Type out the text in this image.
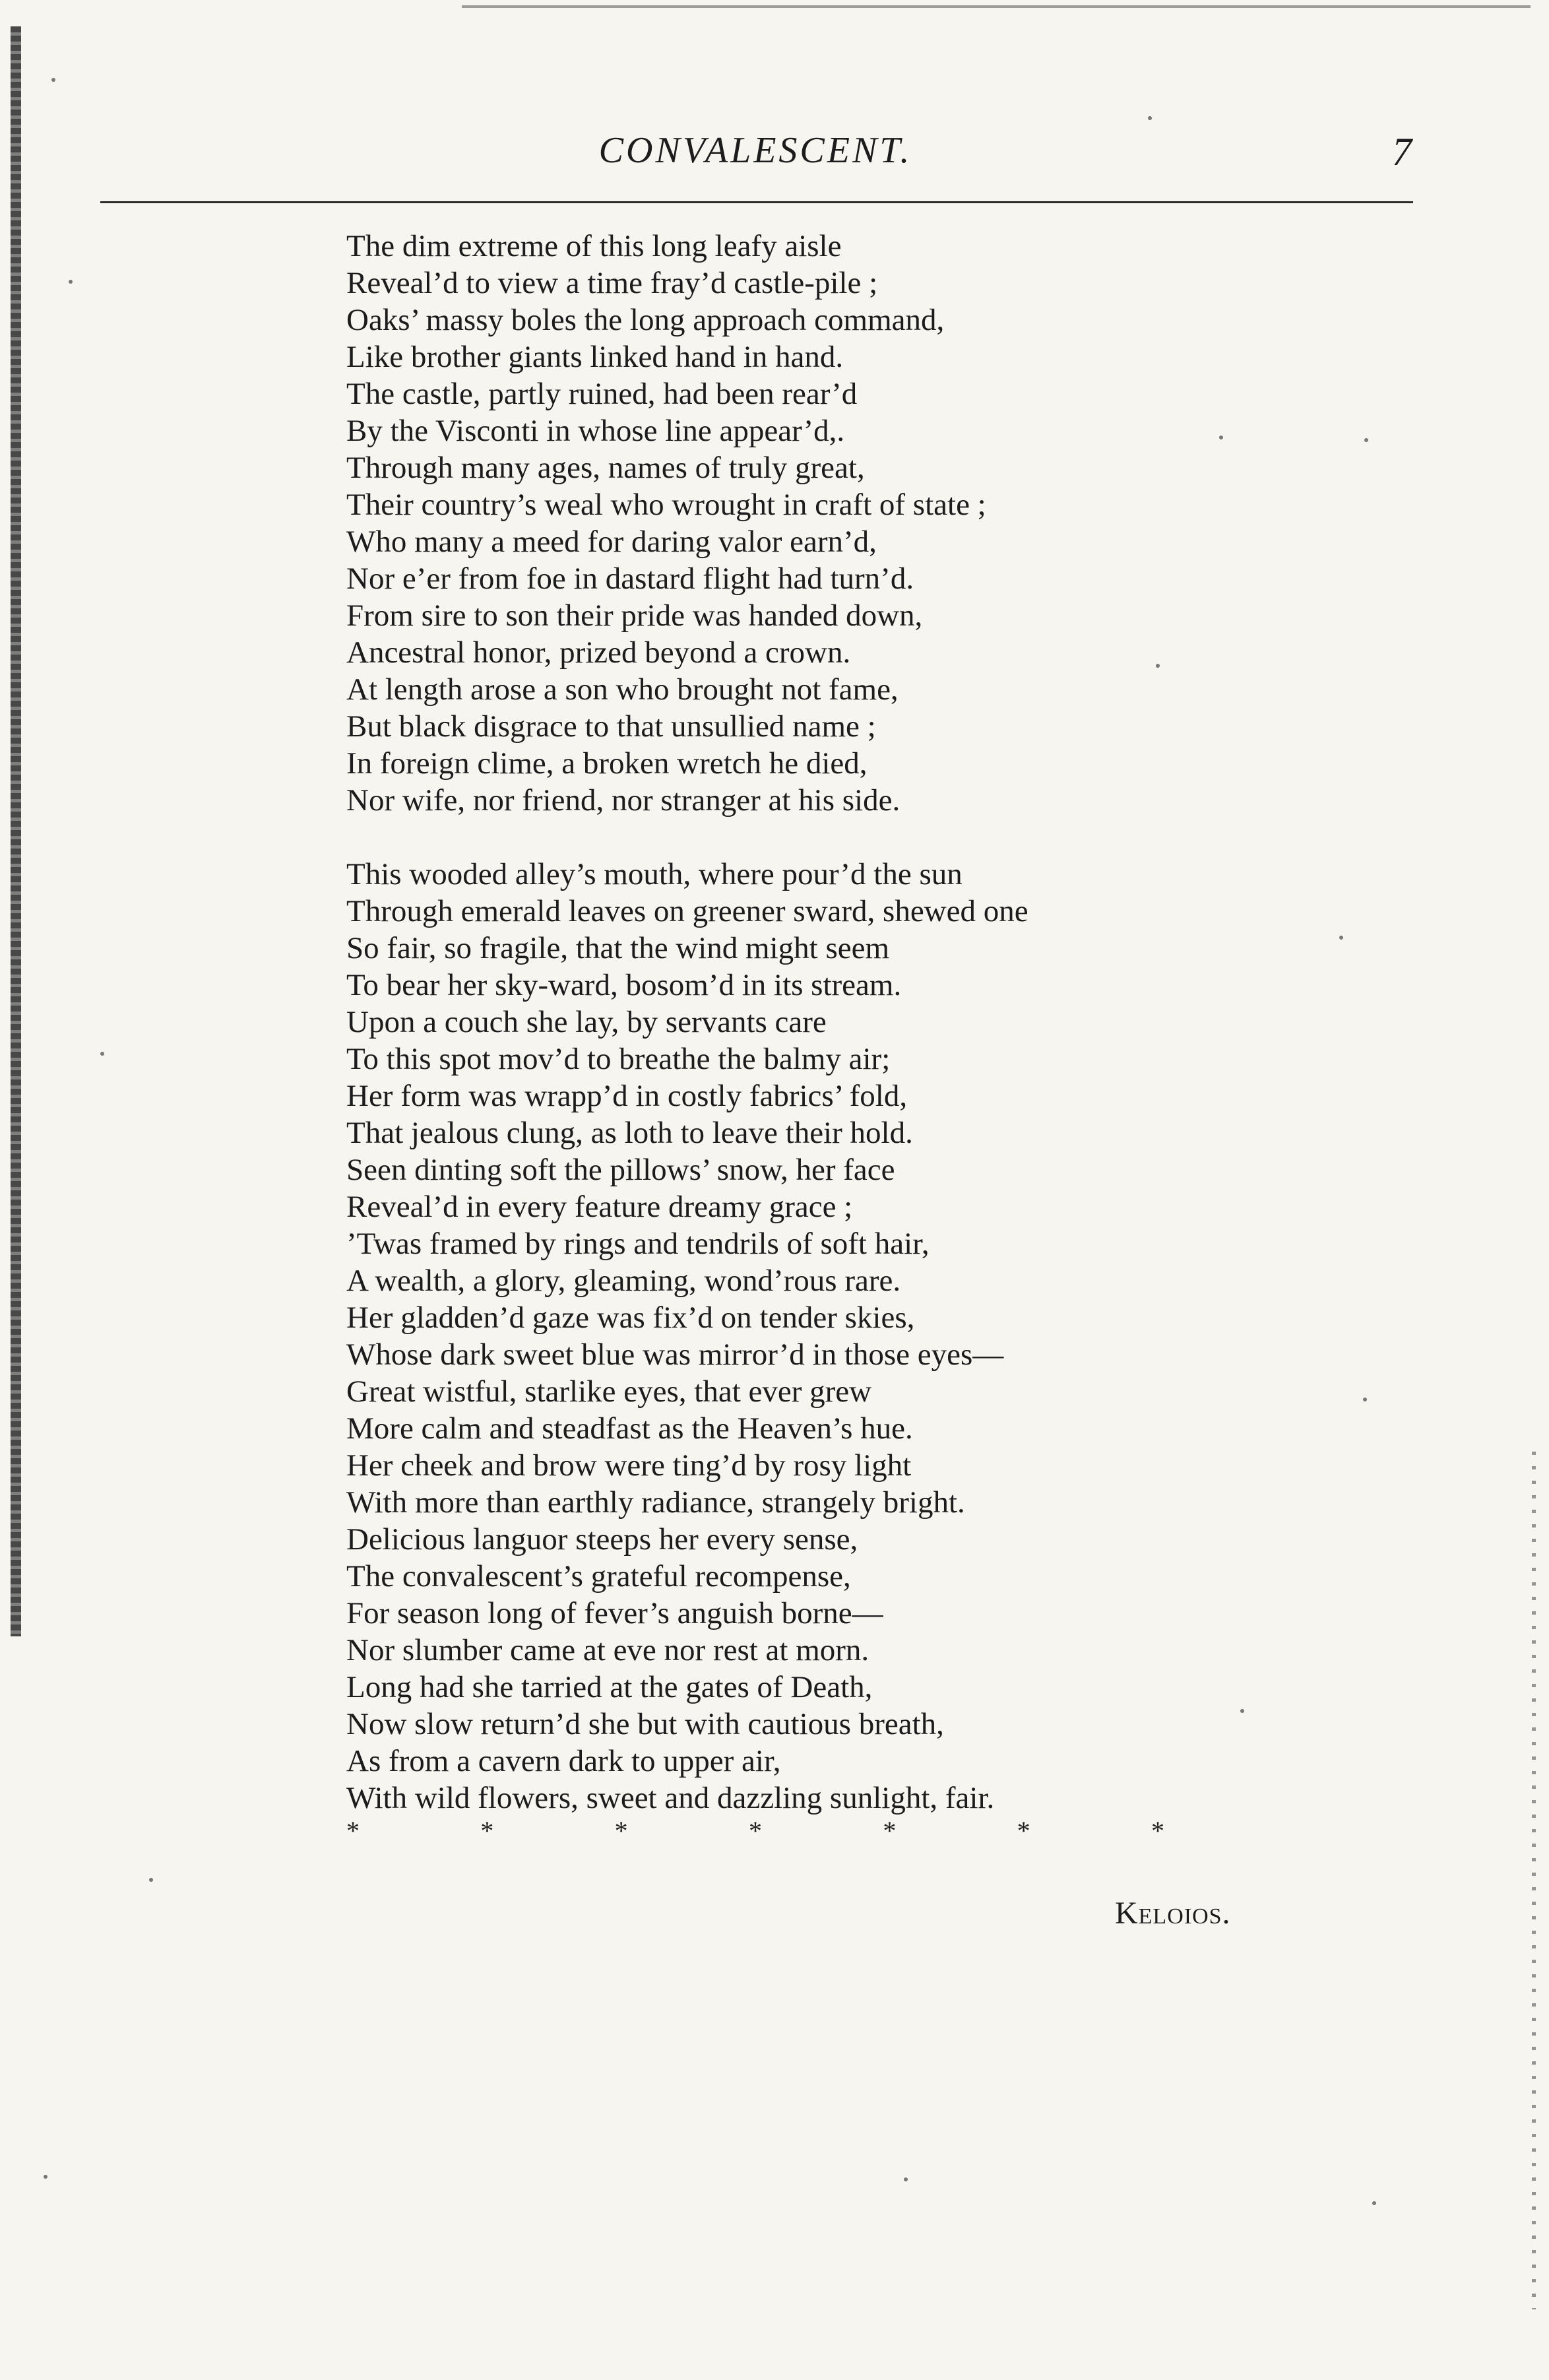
CONVALESCENT.	7
The dim extreme of this long leafy aisle
Reveal’d to view a time fray’d castle-pile ;
Oaks’ massy boles the long approach command,
Like brother giants linked hand in hand.
The castle, partly ruined, had been rear’d
By the Visconti in whose line appear’d,.
Through many ages, names of truly great,
Their country’s weal who wrought in craft of state ;
Who many a meed for daring valor earn’d,
Nor e’er from foe in dastard flight had turn’d.
From sire to son their pride was handed down,
Ancestral honor, prized beyond a crown.
At length arose a son who brought not fame,
But black disgrace to that unsullied name ;
In foreign clime, a broken wretch he died,
Nor wife, nor friend, nor stranger at his side.
This wooded alley’s mouth, where pour’d the sun
Through emerald leaves on greener sward, shewed one
So fair, so fragile, that the wind might seem
To bear her sky-ward, bosom’d in its stream.
Upon a couch she lay, by servants care
To this spot mov’d to breathe the balmy air;
Her form was wrapp’d in costly fabrics’ fold,
That jealous clung, as loth to leave their hold.
Seen dinting soft the pillows’ snow, her face
Reveal’d in every feature dreamy grace ;
’Twas framed by rings and tendrils of soft hair,
A wealth, a glory, gleaming, wond’rous rare.
Her gladden’d gaze was fix’d on tender skies,
Whose dark sweet blue was mirror’d in those eyes—
Great wistful, starlike eyes, that ever grew
More calm and steadfast as the Heaven’s hue.
Her cheek and brow were ting’d by rosy light
With more than earthly radiance, strangely bright.
Delicious languor steeps her every sense,
The convalescent’s grateful recompense,
For season long of fever’s anguish borne—
Nor slumber came at eve nor rest at morn.
Long had she tarried at the gates of Death,
Now slow return’d she but with cautious breath,
As from a cavern dark to upper air,
With wild flowers, sweet and dazzling sunlight, fair.
*	*	*	*	*	*	*
Keloios.
